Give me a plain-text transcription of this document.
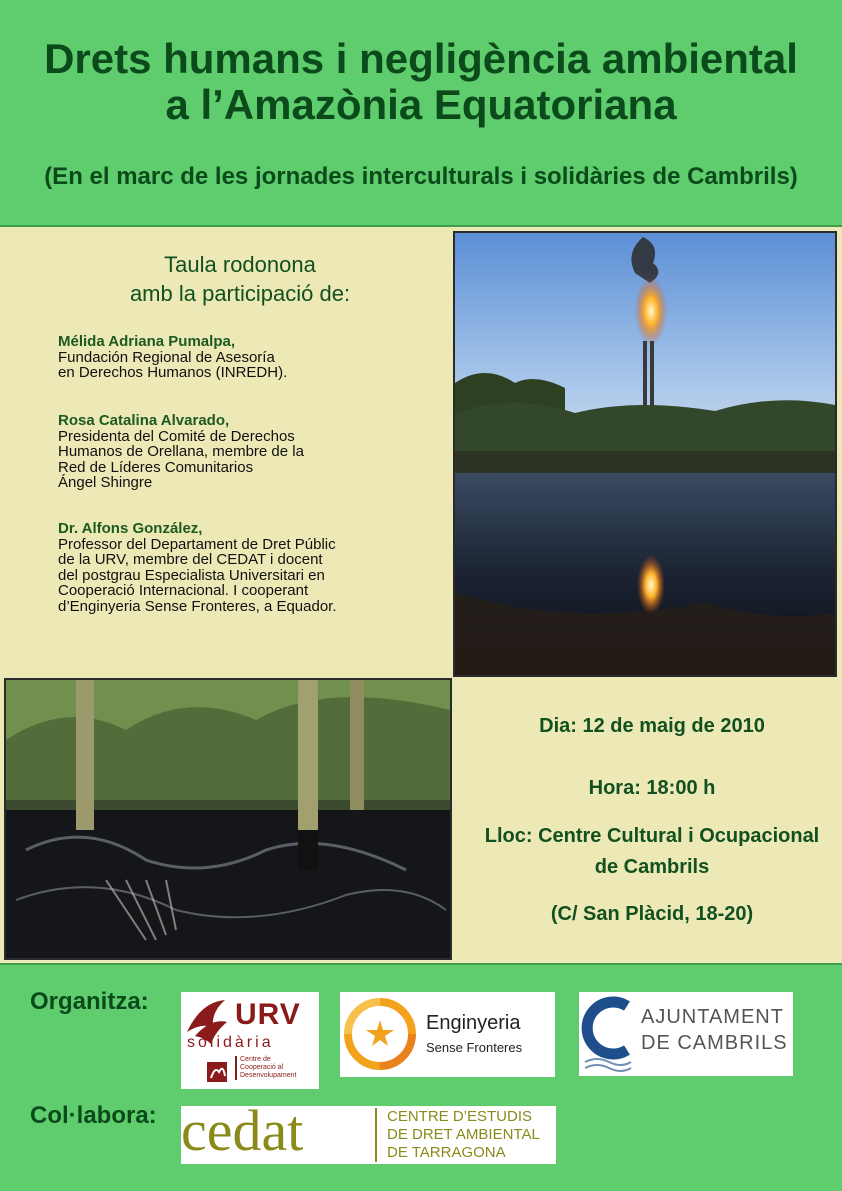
Drets humans i negligència ambiental
a l’Amazònia Equatoriana
(En el marc de les jornades interculturals i solidàries de Cambrils)
Taula rodonona
amb la participació de:
Mélida Adriana Pumalpa,
Fundación Regional de Asesoría
en Derechos Humanos (INREDH).
Rosa Catalina Alvarado,
Presidenta del Comité de Derechos
Humanos de Orellana, membre de la
Red de Líderes Comunitarios
Ángel Shingre
Dr. Alfons González,
Professor del Departament de Dret Públic
de la URV, membre del CEDAT i docent
del postgrau Especialista Universitari en
Cooperació Internacional. I cooperant
d’Enginyeria Sense Fronteres, a Equador.
Dia: 12 de maig de 2010
Hora: 18:00 h
Lloc: Centre Cultural i Ocupacional
de Cambrils
(C/ San Plàcid, 18-20)
Organitza:	URV
solidària
Centre de
Cooperació al
Desenvolupament
Enginyeria
Sense Fronteres
AJUNTAMENT
DE CAMBRILS
Col·labora: cedat	CENTRE D’ESTUDIS
DE DRET AMBIENTAL
DE TARRAGONA
